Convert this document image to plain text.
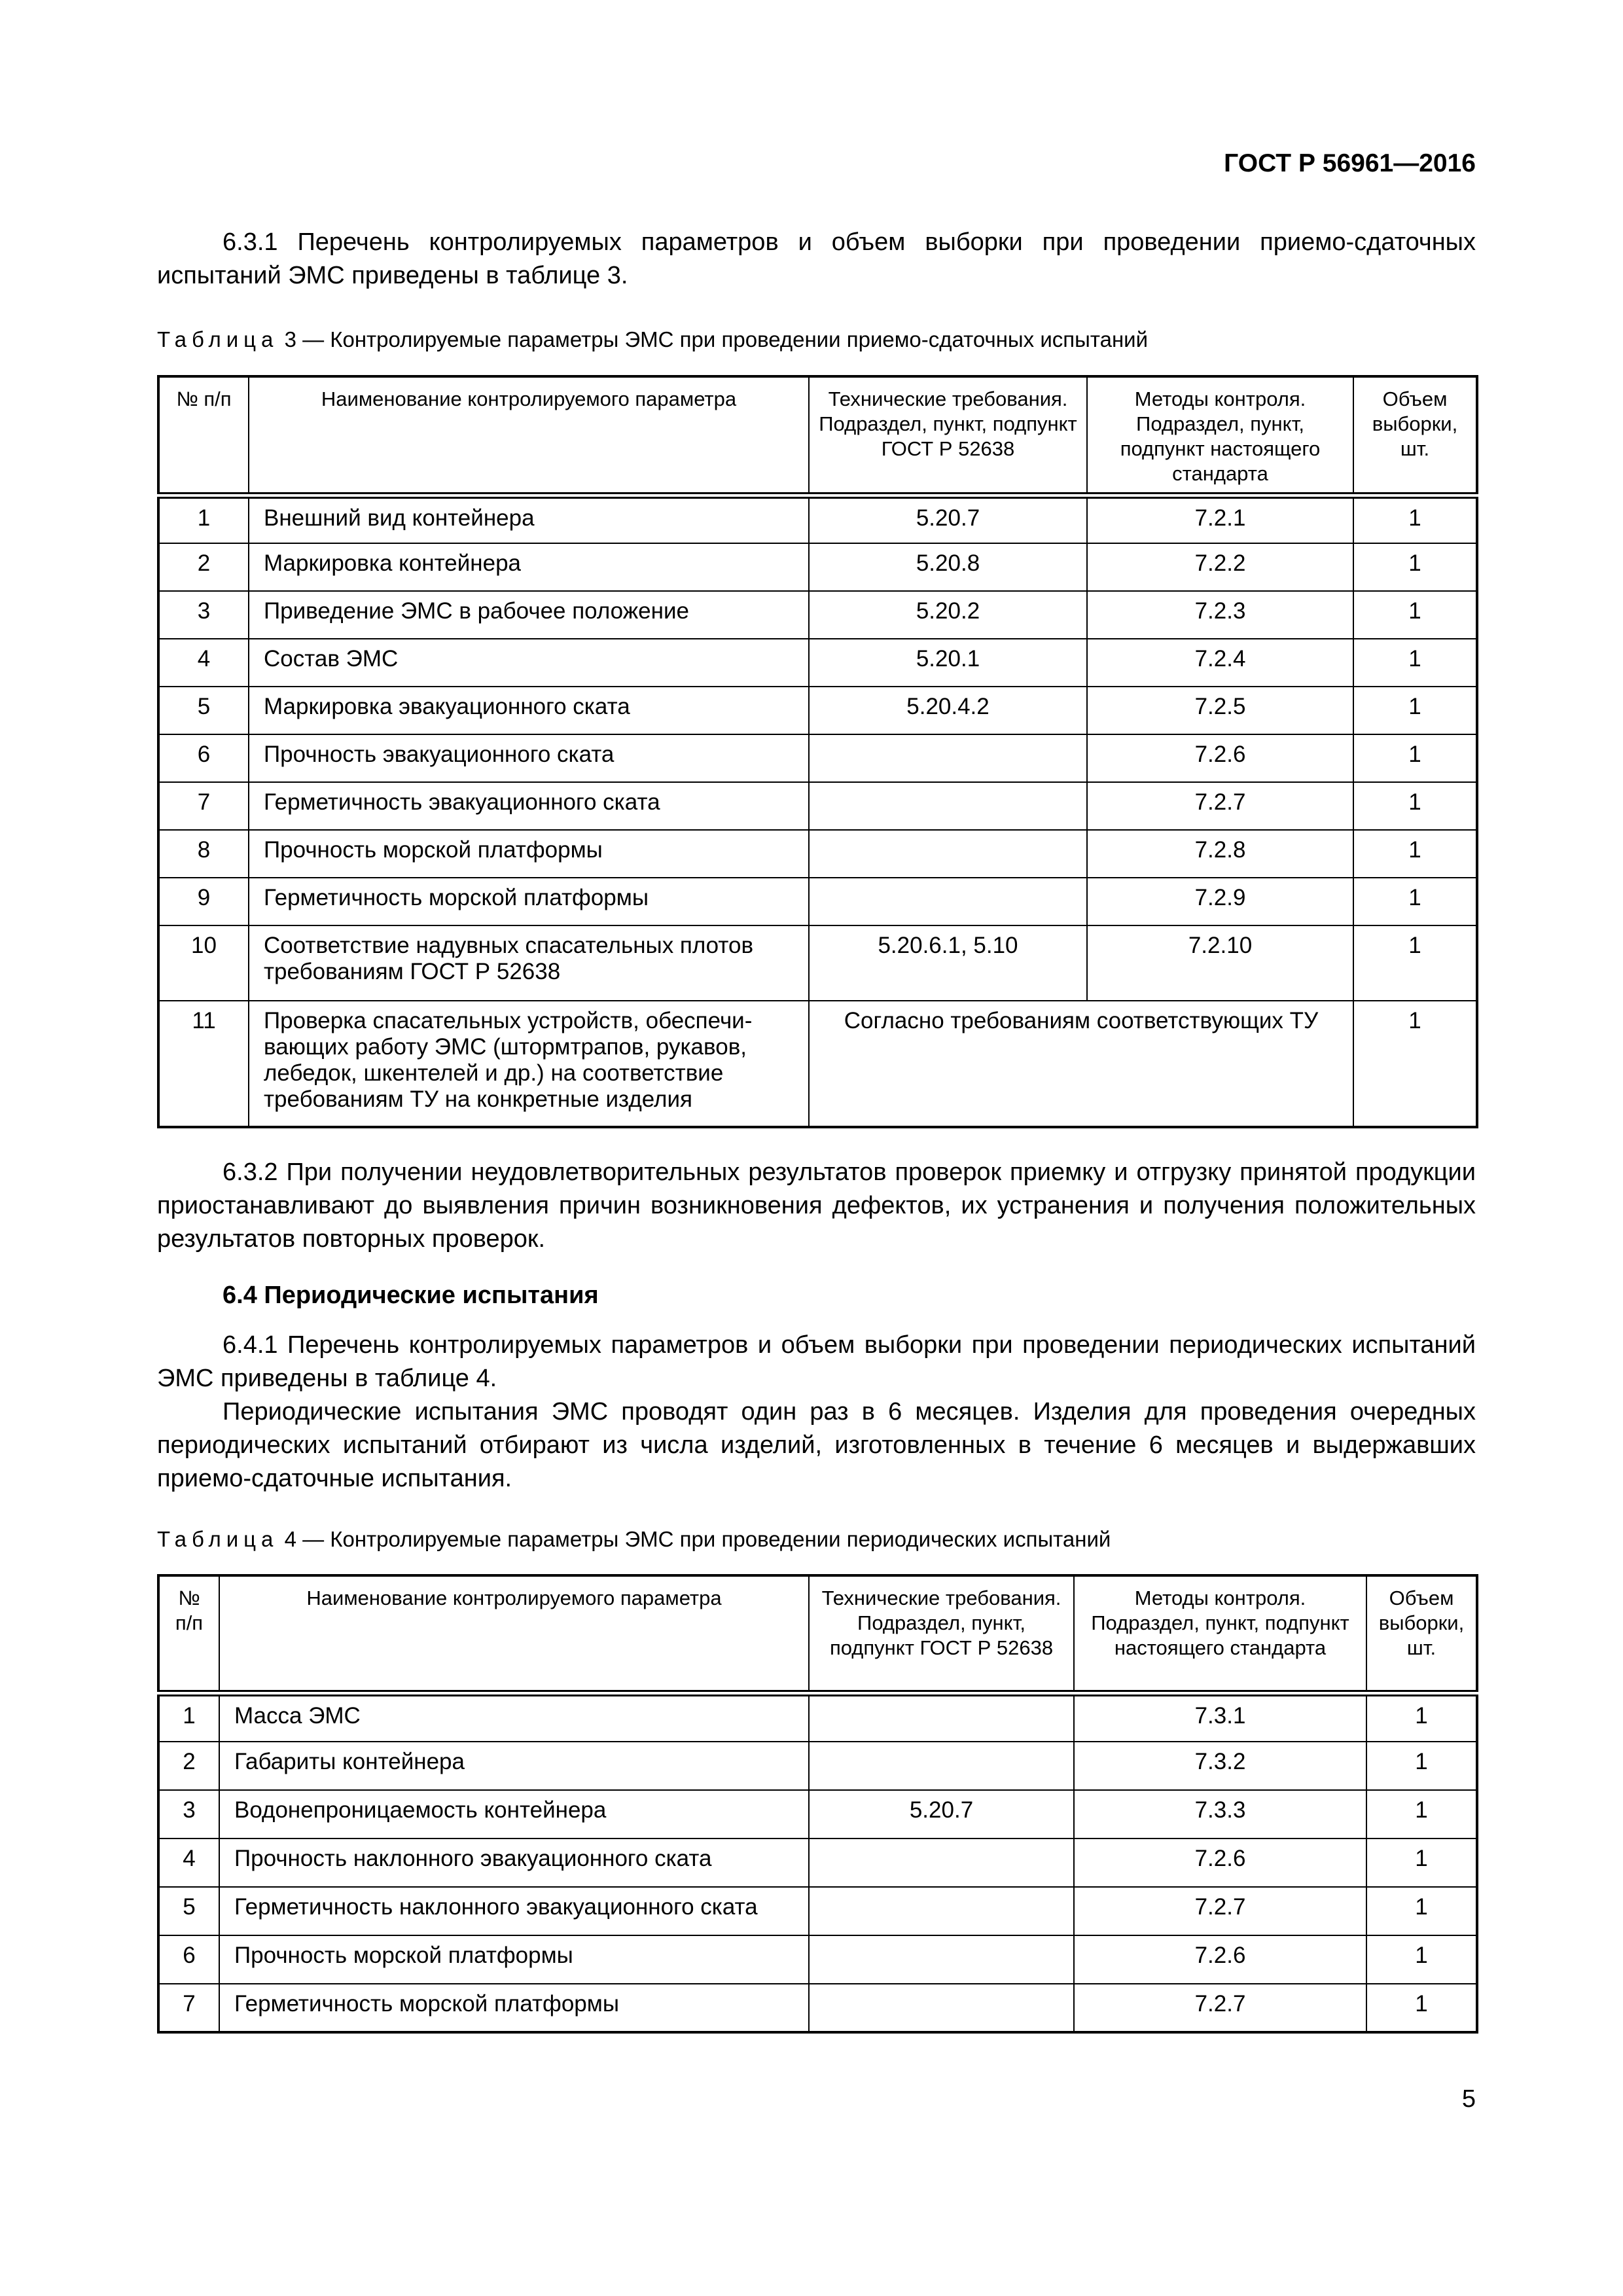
ГОСТ Р 56961—2016

6.3.1 Перечень контролируемых параметров и объем выборки при проведении приемо-сдаточных испытаний ЭМС приведены в таблице 3.

Таблица 3 — Контролируемые параметры ЭМС при проведении приемо-сдаточных испытаний
№ п/п	Наименование контролируемого параметра	Технические требования. Подраздел, пункт, подпункт ГОСТ Р 52638	Методы контроля. Подраздел, пункт, подпункт настоящего стандарта	Объем выборки, шт.
1	Внешний вид контейнера	5.20.7	7.2.1	1
2	Маркировка контейнера	5.20.8	7.2.2	1
3	Приведение ЭМС в рабочее положение	5.20.2	7.2.3	1
4	Состав ЭМС	5.20.1	7.2.4	1
5	Маркировка эвакуационного ската	5.20.4.2	7.2.5	1
6	Прочность эвакуационного ската		7.2.6	1
7	Герметичность эвакуационного ската		7.2.7	1
8	Прочность морской платформы		7.2.8	1
9	Герметичность морской платформы		7.2.9	1
10	Соответствие надувных спасательных плотов требованиям ГОСТ Р 52638	5.20.6.1, 5.10	7.2.10	1
11	Проверка спасательных устройств, обеспечи-вающих работу ЭМС (штормтрапов, рукавов, лебедок, шкентелей и др.) на соответствие требованиям ТУ на конкретные изделия	Согласно требованиям соответствующих ТУ		1

6.3.2 При получении неудовлетворительных результатов проверок приемку и отгрузку принятой продукции приостанавливают до выявления причин возникновения дефектов, их устранения и получения положительных результатов повторных проверок.

6.4 Периодические испытания

6.4.1 Перечень контролируемых параметров и объем выборки при проведении периодических испытаний ЭМС приведены в таблице 4.

Периодические испытания ЭМС проводят один раз в 6 месяцев. Изделия для проведения очередных периодических испытаний отбирают из числа изделий, изготовленных в течение 6 месяцев и выдержавших приемо-сдаточные испытания.

Таблица 4 — Контролируемые параметры ЭМС при проведении периодических испытаний
№ п/п	Наименование контролируемого параметра	Технические требования. Подраздел, пункт, подпункт ГОСТ Р 52638	Методы контроля. Подраздел, пункт, подпункт настоящего стандарта	Объем выборки, шт.
1	Масса ЭМС		7.3.1	1
2	Габариты контейнера		7.3.2	1
3	Водонепроницаемость контейнера	5.20.7	7.3.3	1
4	Прочность наклонного эвакуационного ската		7.2.6	1
5	Герметичность наклонного эвакуационного ската		7.2.7	1
6	Прочность морской платформы		7.2.6	1
7	Герметичность морской платформы		7.2.7	1
5
